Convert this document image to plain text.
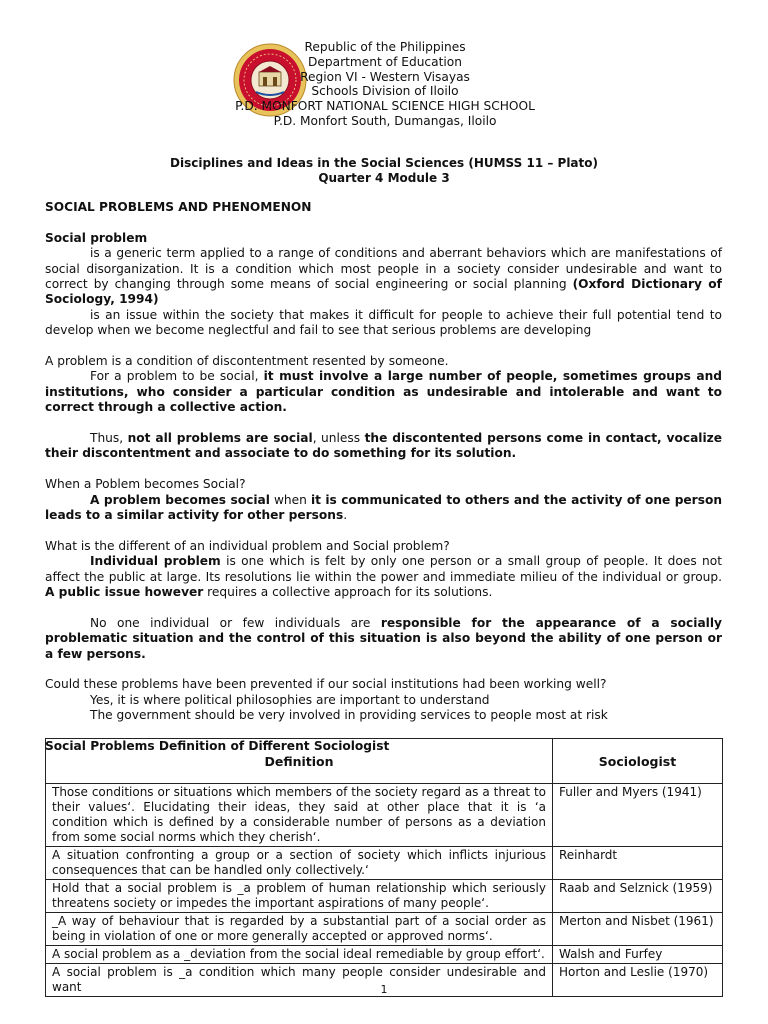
Republic of the Philippines
Department of Education
Region VI - Western Visayas
Schools Division of Iloilo
P.D. MONFORT NATIONAL SCIENCE HIGH SCHOOL
P.D. Monfort South, Dumangas, Iloilo
Disciplines and Ideas in the Social Sciences (HUMSS 11 – Plato)
Quarter 4 Module 3

SOCIAL PROBLEMS AND PHENOMENON

Social problem

is a generic term applied to a range of conditions and aberrant behaviors which are manifestations of social disorganization. It is a condition which most people in a society consider undesirable and want to correct by changing through some means of social engineering or social planning (Oxford Dictionary of Sociology, 1994)

is an issue within the society that makes it difficult for people to achieve their full potential tend to develop when we become neglectful and fail to see that serious problems are developing

A problem is a condition of discontentment resented by someone.

For a problem to be social, it must involve a large number of people, sometimes groups and institutions, who consider a particular condition as undesirable and intolerable and want to correct through a collective action.

Thus, not all problems are social, unless the discontented persons come in contact, vocalize their discontentment and associate to do something for its solution.

When a Poblem becomes Social?

A problem becomes social when it is communicated to others and the activity of one person leads to a similar activity for other persons.

What is the different of an individual problem and Social problem?

Individual problem is one which is felt by only one person or a small group of people. It does not affect the public at large. Its resolutions lie within the power and immediate milieu of the individual or group. A public issue however requires a collective approach for its solutions.

No one individual or few individuals are responsible for the appearance of a socially problematic situation and the control of this situation is also beyond the ability of one person or a few persons.

Could these problems have been prevented if our social institutions had been working well?

Yes, it is where political philosophies are important to understand

The government should be very involved in providing services to people most at risk

Social Problems Definition of Different Sociologist

Definition	Sociologist
Those conditions or situations which members of the society regard as a threat to their values‘. Elucidating their ideas, they said at other place that it is ‘a condition which is defined by a considerable number of persons as a deviation from some social norms which they cherish‘.	Fuller and Myers (1941)
A situation confronting a group or a section of society which inflicts injurious consequences that can be handled only collectively.‘	Reinhardt
Hold that a social problem is _a problem of human relationship which seriously threatens society or impedes the important aspirations of many people‘.	Raab and Selznick (1959)
_A way of behaviour that is regarded by a substantial part of a social order as being in violation of one or more generally accepted or approved norms‘.	Merton and Nisbet (1961)
A social problem as a _deviation from the social ideal remediable by group effort‘.	Walsh and Furfey
A social problem is _a condition which many people consider undesirable and want	Horton and Leslie (1970)
1
